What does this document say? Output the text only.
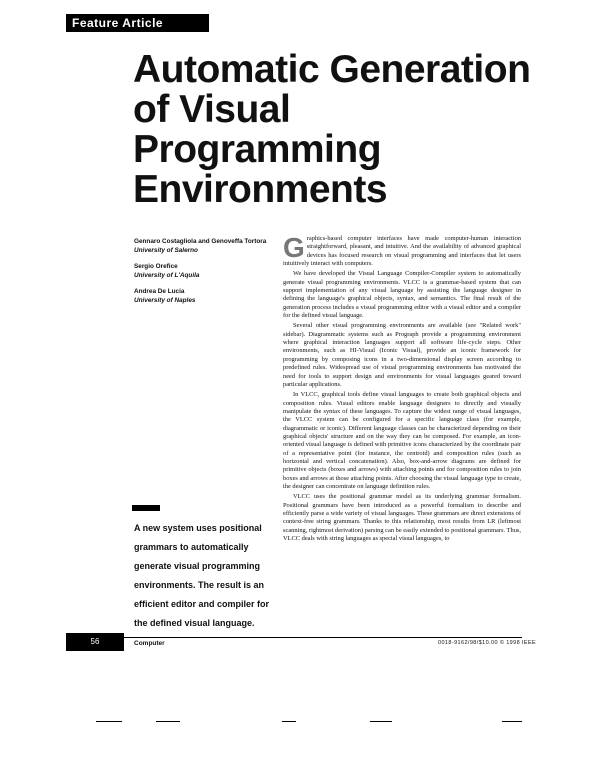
Feature Article
Automatic Generation
of Visual
Programming
Environments
Gennaro Costagliola and Genoveffa Tortora
University of Salerno
Sergio Orefice
University of L'Aquila
Andrea De Lucia
University of Naples

Graphics-based computer interfaces have made computer-human interaction straightforward, pleasant, and intuitive. And the availability of advanced graphical devices has focused research on visual programming and interfaces that let users intuitively interact with computers.

We have developed the Visual Language Compiler-Compiler system to automatically generate visual programming environments. VLCC is a grammar-based system that can support implementation of any visual language by assisting the language designer in defining the language's graphical objects, syntax, and semantics. The final result of the generation process includes a visual programming editor with a visual editor and a compiler for the defined visual language.

Several other visual programming environments are available (see "Related work" sidebar). Diagrammatic systems such as Prograph provide a programming environment where graphical interaction languages support all software life-cycle steps. Other environments, such as HI-Visual (Iconic Visual), provide an iconic framework for programming by composing icons in a two-dimensional display screen according to predefined rules. Widespread use of visual programming environments has motivated the need for tools to support design and environments for visual languages geared toward particular applications.

In VLCC, graphical tools define visual languages to create both graphical objects and composition rules. Visual editors enable language designers to directly and visually manipulate the syntax of these languages. To capture the widest range of visual languages, the VLCC system can be configured for a specific language class (for example, diagrammatic or iconic). Different language classes can be characterized depending on their graphical objects' structure and on the way they can be composed. For example, an icon-oriented visual language is defined with primitive icons characterized by the coordinate pair of a representative point (for instance, the centroid) and composition rules (such as horizontal and vertical concatenation). Also, box-and-arrow diagrams are defined for primitive objects (boxes and arrows) with attaching points and for composition rules to join boxes and arrows at those attaching points. After choosing the visual language type to create, the designer can concentrate on language definition rules.

VLCC uses the positional grammar model as its underlying grammar formalism. Positional grammars have been introduced as a powerful formalism to describe and efficiently parse a wide variety of visual languages. These grammars are direct extensions of context-free string grammars. Thanks to this relationship, most results from LR (leftmost scanning, rightmost derivation) parsing can be easily extended to positional grammars. Thus, VLCC deals with string languages as special visual languages, to

A new system uses positional grammars to automatically generate visual programming environments. The result is an efficient editor and compiler for the defined visual language.
56	Computer	0018-9162/98/$10.00 © 1998 IEEE
